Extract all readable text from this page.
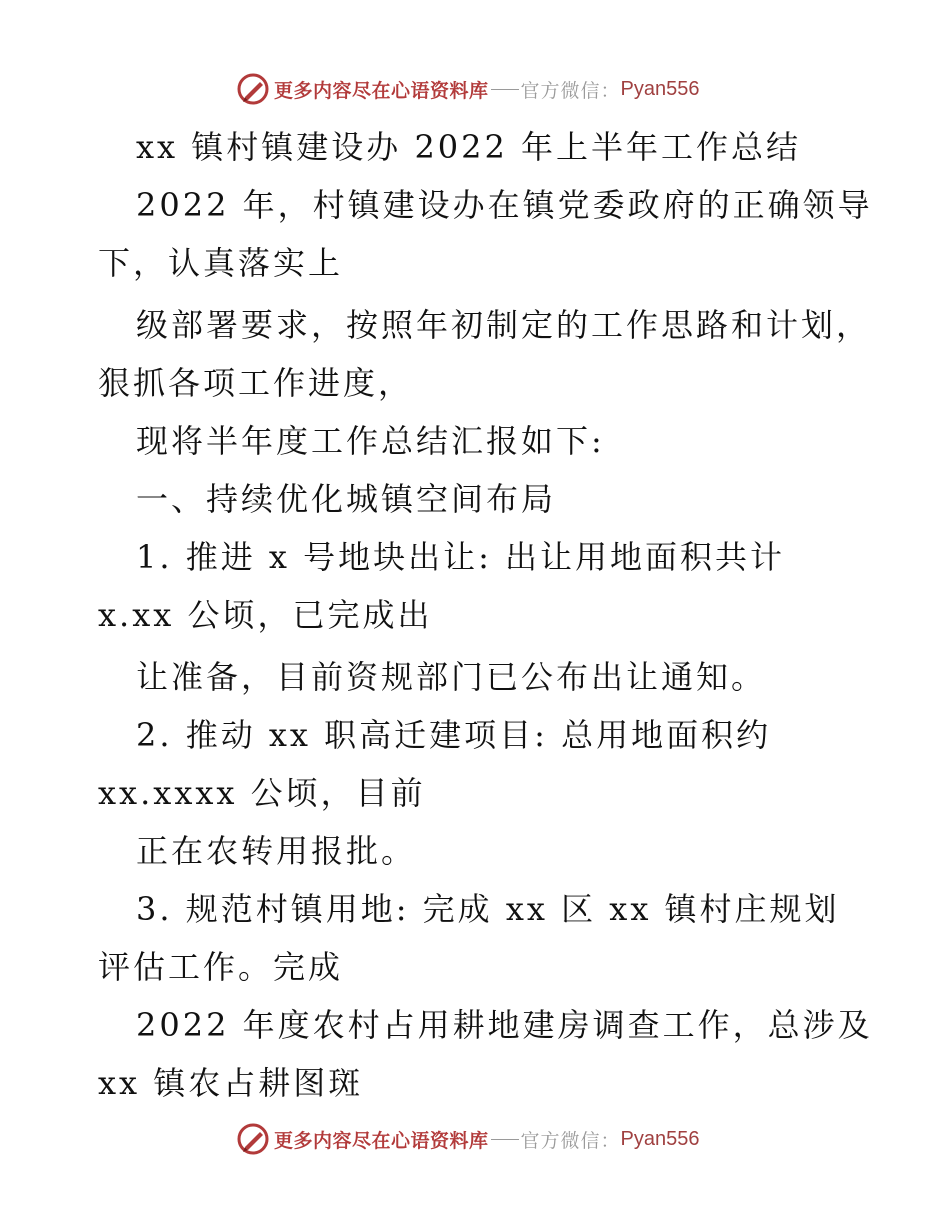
更多内容尽在心语资料库 官方微信： Pyan556
xx 镇村镇建设办 2022 年上半年工作总结
2022 年，村镇建设办在镇党委政府的正确领导
下，认真落实上
级部署要求，按照年初制定的工作思路和计划，
狠抓各项工作进度，
现将半年度工作总结汇报如下:
一、持续优化城镇空间布局
1. 推进 x 号地块出让: 出让用地面积共计
x.xx 公顷，已完成出
让准备，目前资规部门已公布出让通知。
2. 推动 xx 职高迁建项目: 总用地面积约
xx.xxxx 公顷，目前
正在农转用报批。
3. 规范村镇用地: 完成 xx 区 xx 镇村庄规划
评估工作。完成
2022 年度农村占用耕地建房调查工作，总涉及
xx 镇农占耕图斑
更多内容尽在心语资料库 官方微信： Pyan556
